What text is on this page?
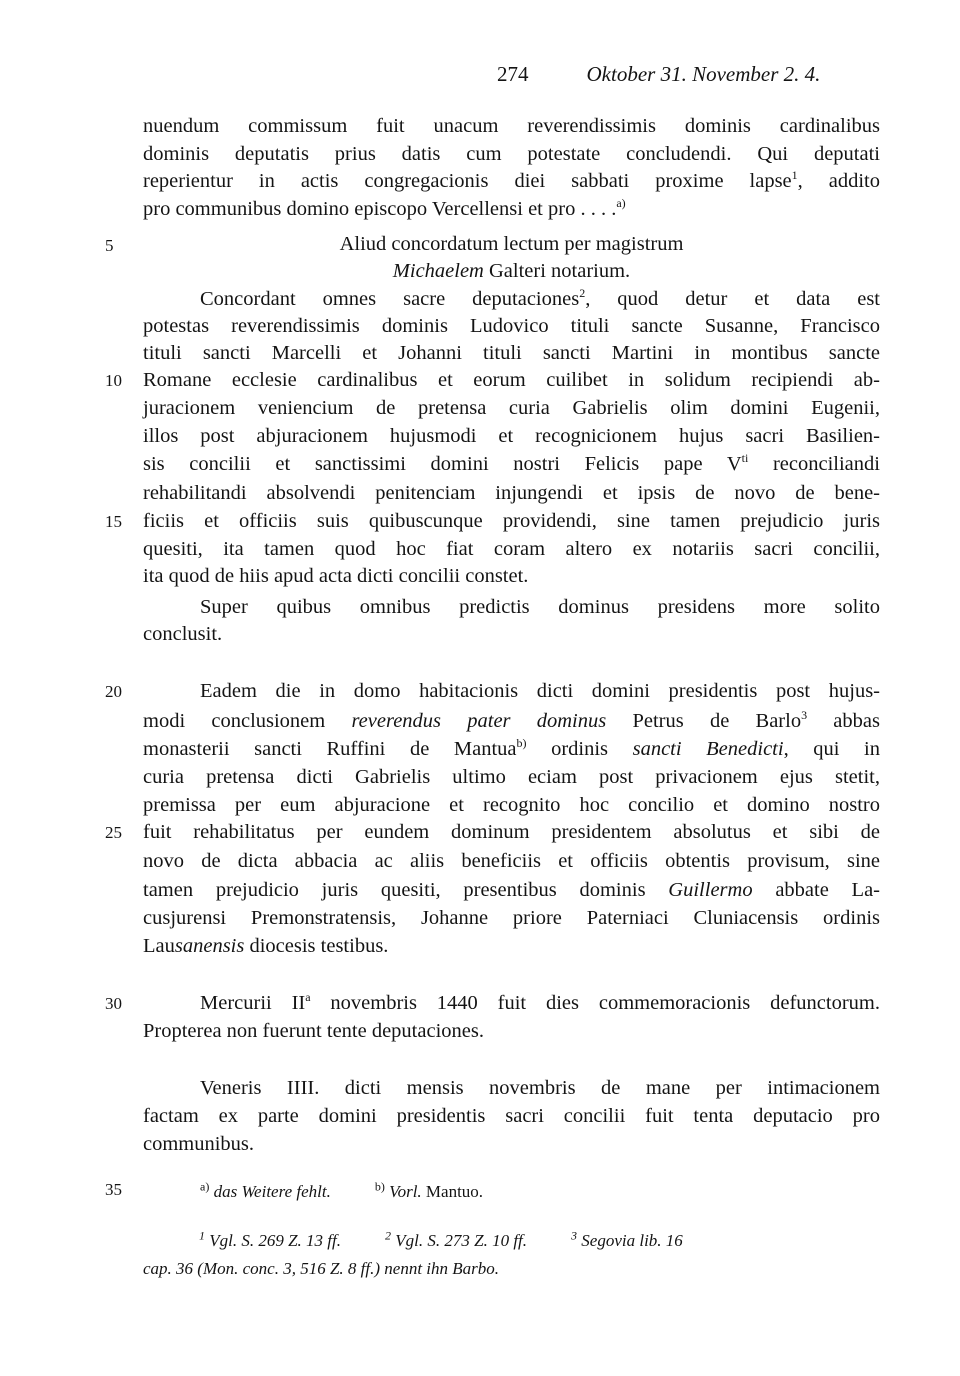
274	Oktober 31. November 2. 4.
5
10
15
20
25
30
35
nuendum commissum fuit unacum reverendissimis dominis cardinalibus
dominis deputatis prius datis cum potestate concludendi. Qui deputati
reperientur in actis congregacionis diei sabbati proxime lapse$^1$, addito
pro communibus domino episcopo Vercellensi et pro . . . .$^{a)}$
Aliud concordatum lectum per magistrum
Michaelem Galteri notarium.
Concordant omnes sacre deputaciones$^2$, quod detur et data est
potestas reverendissimis dominis Ludovico tituli sancte Susanne, Francisco
tituli sancti Marcelli et Johanni tituli sancti Martini in montibus sancte
Romane ecclesie cardinalibus et eorum cuilibet in solidum recipiendi ab-
juracionem veniencium de pretensa curia Gabrielis olim domini Eugenii,
illos post abjuracionem hujusmodi et recognicionem hujus sacri Basilien-
sis concilii et sanctissimi domini nostri Felicis pape $V^{ti}$ reconciliandi
rehabilitandi absolvendi penitenciam injungendi et ipsis de novo de bene-
ficiis et officiis suis quibuscunque providendi, sine tamen prejudicio juris
quesiti, ita tamen quod hoc fiat coram altero ex notariis sacri concilii,
ita quod de hiis apud acta dicti concilii constet.
Super quibus omnibus predictis dominus presidens more solito
conclusit.
Eadem die in domo habitacionis dicti domini presidentis post hujus-
modi conclusionem reverendus pater dominus Petrus de Barlo$^3$ abbas
monasterii sancti Ruffini de Mantua$^{b)}$ ordinis sancti Benedicti, qui in
curia pretensa dicti Gabrielis ultimo eciam post privacionem ejus stetit,
premissa per eum abjuracione et recognito hoc concilio et domino nostro
fuit rehabilitatus per eundem dominum presidentem absolutus et sibi de
novo de dicta abbacia ac aliis beneficiis et officiis obtentis provisum, sine
tamen prejudicio juris quesiti, presentibus dominis Guillermo abbate La-
cusjurensi Premonstratensis, Johanne priore Paterniaci Cluniacensis ordinis
Lausanensis diocesis testibus.
Mercurii $II^a$ novembris 1440 fuit dies commemoracionis defunctorum.
Propterea non fuerunt tente deputaciones.
Veneris IIII. dicti mensis novembris de mane per intimacionem
factam ex parte domini presidentis sacri concilii fuit tenta deputacio pro
communibus.
$^{a)}$ das Weitere fehlt.	$^{b)}$ Vorl. Mantuo.
$^1$ Vgl. S. 269 Z. 13 ff.	$^2$ Vgl. S. 273 Z. 10 ff.	$^3$ Segovia lib. 16
cap. 36 (Mon. conc. 3, 516 Z. 8 ff.) nennt ihn Barbo.
